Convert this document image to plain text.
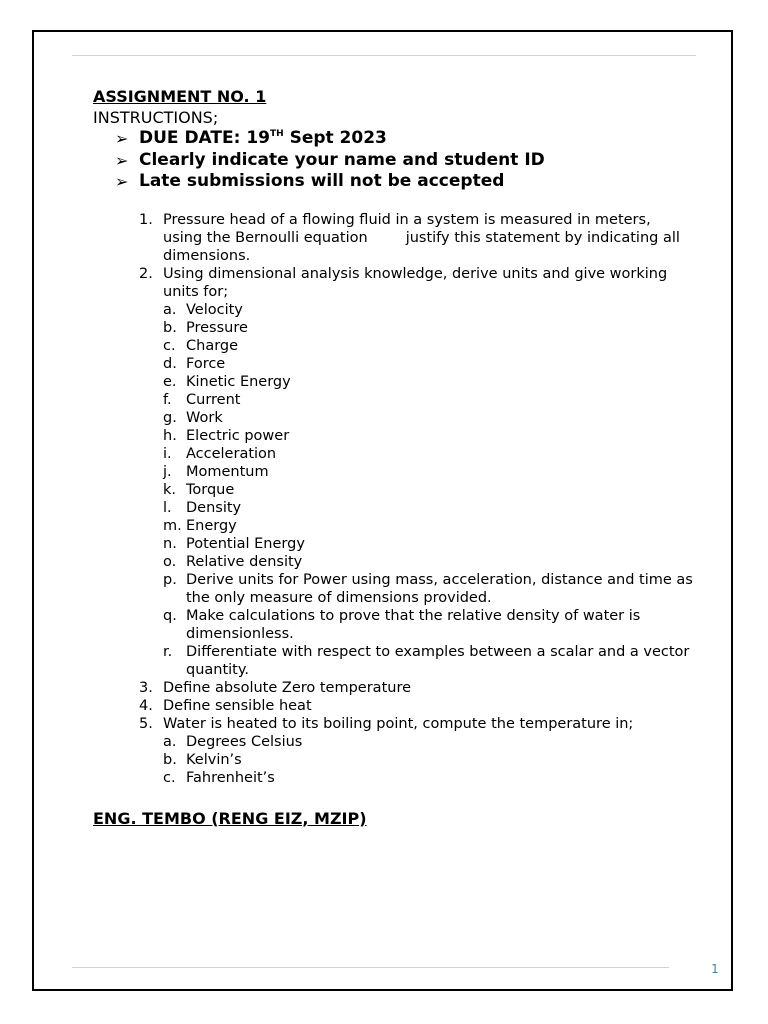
1
ASSIGNMENT NO. 1
INSTRUCTIONS;
➢ DUE DATE: 19TH Sept 2023
➢ Clearly indicate your name and student ID
➢ Late submissions will not be accepted
1. Pressure head of a flowing fluid in a system is measured in meters, using the Bernoulli equation	justify this statement by indicating all dimensions.
2. Using dimensional analysis knowledge, derive units and give working units for;
a. Velocity
b. Pressure
c. Charge
d. Force
e. Kinetic Energy
f. Current
g. Work
h. Electric power
i. Acceleration
j. Momentum
k. Torque
l. Density
m. Energy
n. Potential Energy
o. Relative density
p. Derive units for Power using mass, acceleration, distance and time as the only measure of dimensions provided.
q. Make calculations to prove that the relative density of water is dimensionless.
r. Differentiate with respect to examples between a scalar and a vector quantity.
3. Define absolute Zero temperature
4. Define sensible heat
5. Water is heated to its boiling point, compute the temperature in;
a. Degrees Celsius
b. Kelvin’s
c. Fahrenheit’s
ENG. TEMBO (RENG EIZ, MZIP)
